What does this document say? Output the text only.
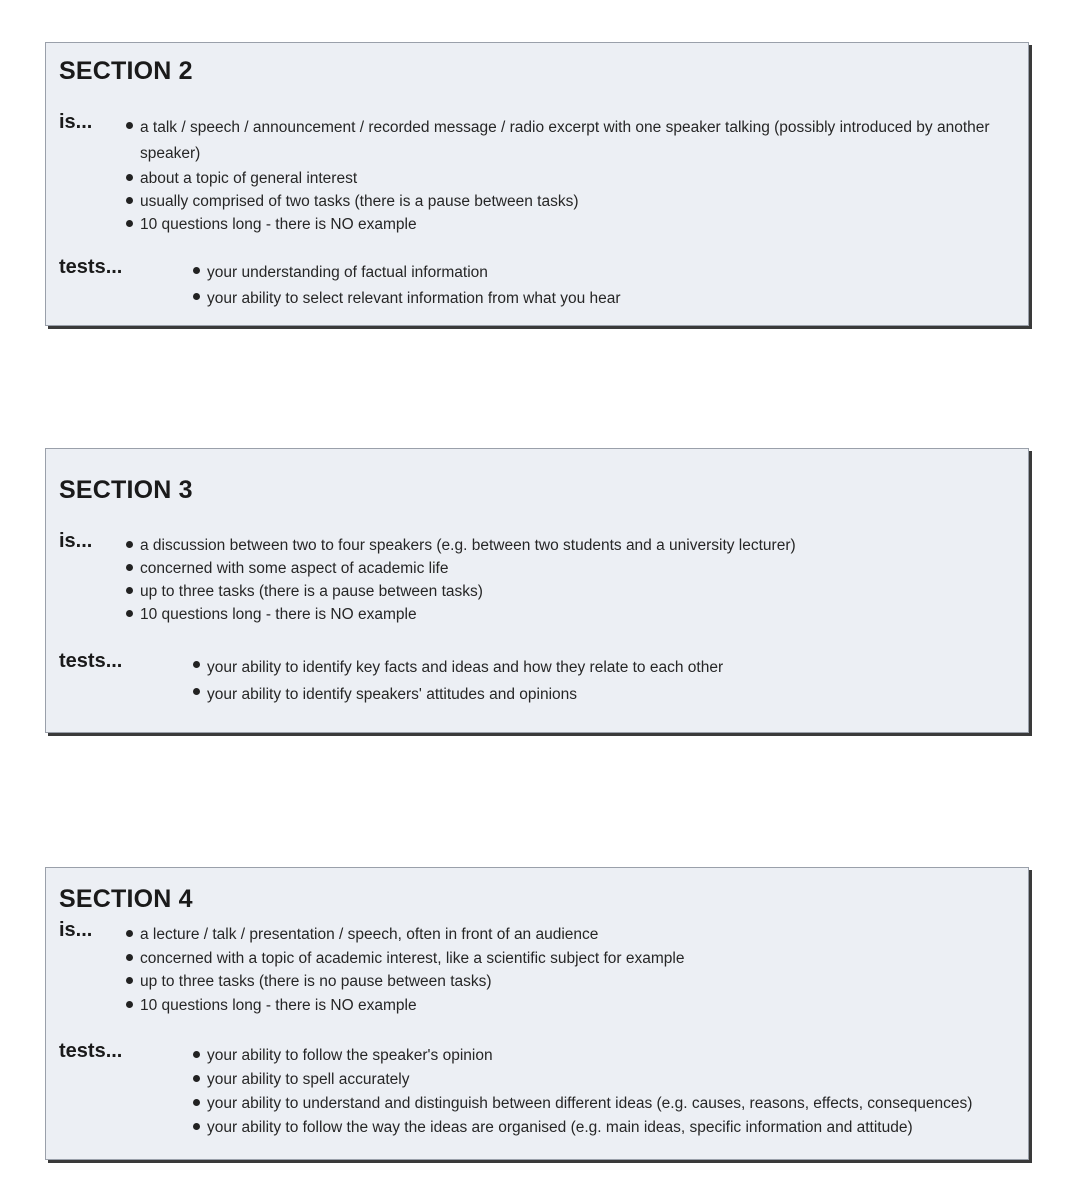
SECTION 2
is...	a talk / speech / announcement / recorded message / radio excerpt with one speaker talking (possibly introduced by another speaker)
about a topic of general interest
usually comprised of two tasks (there is a pause between tasks)
10 questions long - there is NO example
tests...	your understanding of factual information
your ability to select relevant information from what you hear
SECTION 3
is...	a discussion between two to four speakers (e.g. between two students and a university lecturer)
concerned with some aspect of academic life
up to three tasks (there is a pause between tasks)
10 questions long - there is NO example
tests...	your ability to identify key facts and ideas and how they relate to each other
your ability to identify speakers' attitudes and opinions
SECTION 4
is...	a lecture / talk / presentation / speech, often in front of an audience
concerned with a topic of academic interest, like a scientific subject for example
up to three tasks (there is no pause between tasks)
10 questions long - there is NO example
tests...	your ability to follow the speaker's opinion
your ability to spell accurately
your ability to understand and distinguish between different ideas (e.g. causes, reasons, effects, consequences)
your ability to follow the way the ideas are organised (e.g. main ideas, specific information and attitude)
